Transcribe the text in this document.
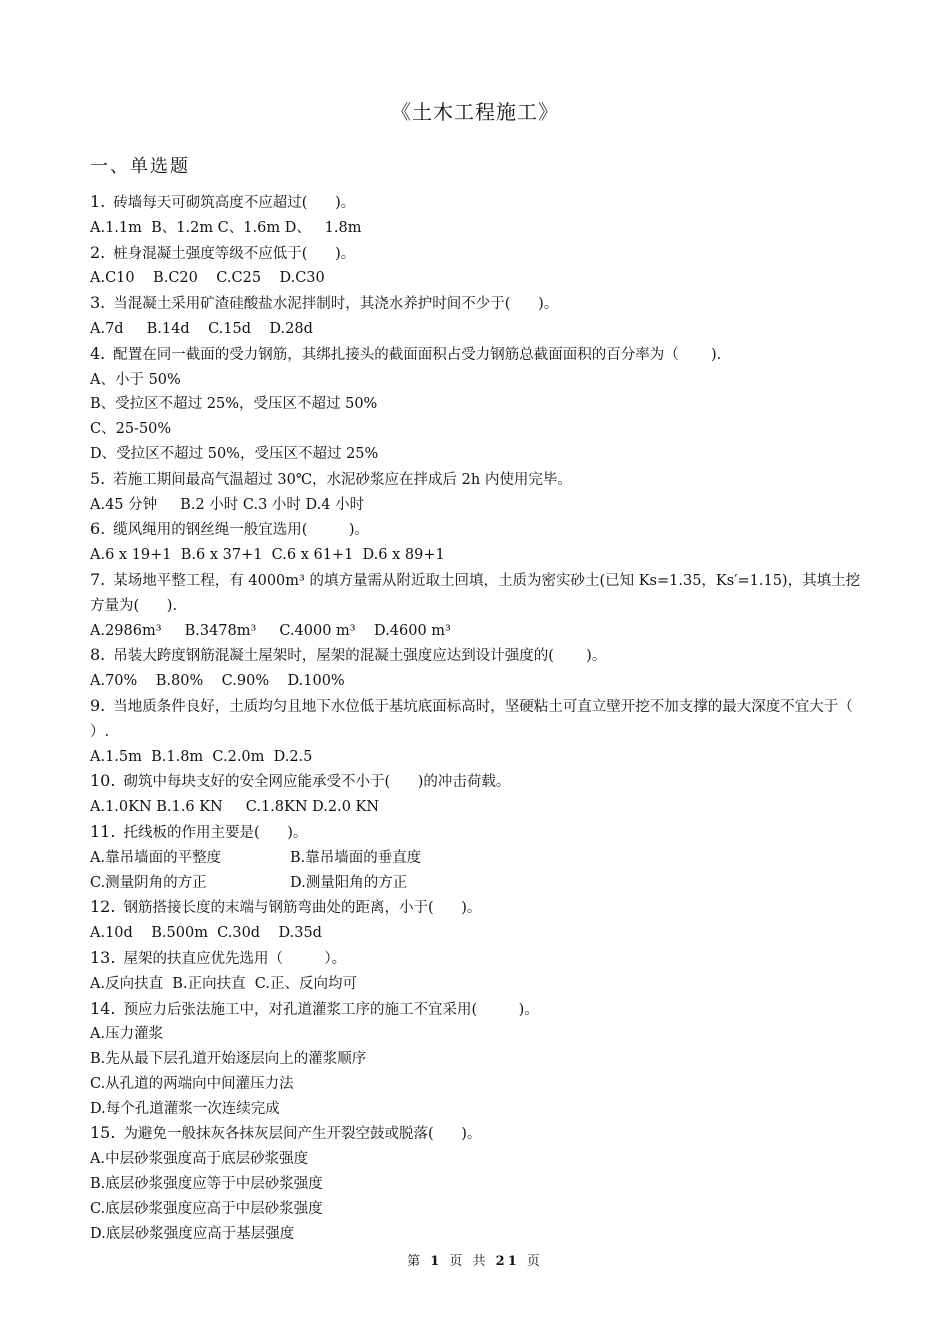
《土木工程施工》
一、单选题

1. 砖墙每天可砌筑高度不应超过(      )。

A.1.1m  B、1.2m C、1.6m D、   1.8m

2. 桩身混凝土强度等级不应低于(      )。

A.C10    B.C20    C.C25    D.C30

3. 当混凝土采用矿渣硅酸盐水泥拌制时，其浇水养护时间不少于(      )。

A.7d     B.14d    C.15d    D.28d

4. 配置在同一截面的受力钢筋，其绑扎接头的截面面积占受力钢筋总截面面积的百分率为（       ).

A、小于 50%

B、受拉区不超过 25%，受压区不超过 50%

C、25-50%

D、受拉区不超过 50%，受压区不超过 25%

5. 若施工期间最高气温超过 30℃，水泥砂浆应在拌成后 2h 内使用完毕。

A.45 分钟     B.2 小时 C.3 小时 D.4 小时

6. 缆风绳用的钢丝绳一般宜选用(         )。

A.6 x 19+1  B.6 x 37+1  C.6 x 61+1  D.6 x 89+1

7. 某场地平整工程，有 4000m³ 的填方量需从附近取土回填，土质为密实砂土(已知 Ks=1.35，Ks′=1.15)，其填土挖方量为(      ).

A.2986m³     B.3478m³     C.4000 m³    D.4600 m³

8. 吊装大跨度钢筋混凝土屋架时，屋架的混凝土强度应达到设计强度的(       )。

A.70%    B.80%    C.90%    D.100%

9. 当地质条件良好，土质均匀且地下水位低于基坑底面标高时，坚硬粘土可直立壁开挖不加支撑的最大深度不宜大于（      ）.

A.1.5m  B.1.8m  C.2.0m  D.2.5

10. 砌筑中每块支好的安全网应能承受不小于(      )的冲击荷载。

A.1.0KN B.1.6 KN     C.1.8KN D.2.0 KN

11. 托线板的作用主要是(      )。

A.靠吊墙面的平整度	B.靠吊墙面的垂直度
C.测量阴角的方正	D.测量阳角的方正

12. 钢筋搭接长度的末端与钢筋弯曲处的距离，小于(      )。

A.10d    B.500m  C.30d    D.35d

13. 屋架的扶直应优先选用（         ）。

A.反向扶直  B.正向扶直  C.正、反向均可

14. 预应力后张法施工中，对孔道灌浆工序的施工不宜采用(         )。

A.压力灌浆

B.先从最下层孔道开始逐层向上的灌浆顺序

C.从孔道的两端向中间灌压力法

D.每个孔道灌浆一次连续完成

15. 为避免一般抹灰各抹灰层间产生开裂空鼓或脱落(      )。

A.中层砂浆强度高于底层砂浆强度

B.底层砂浆强度应等于中层砂浆强度

C.底层砂浆强度应高于中层砂浆强度

D.底层砂浆强度应高于基层强度

第 1 页 共 21 页
